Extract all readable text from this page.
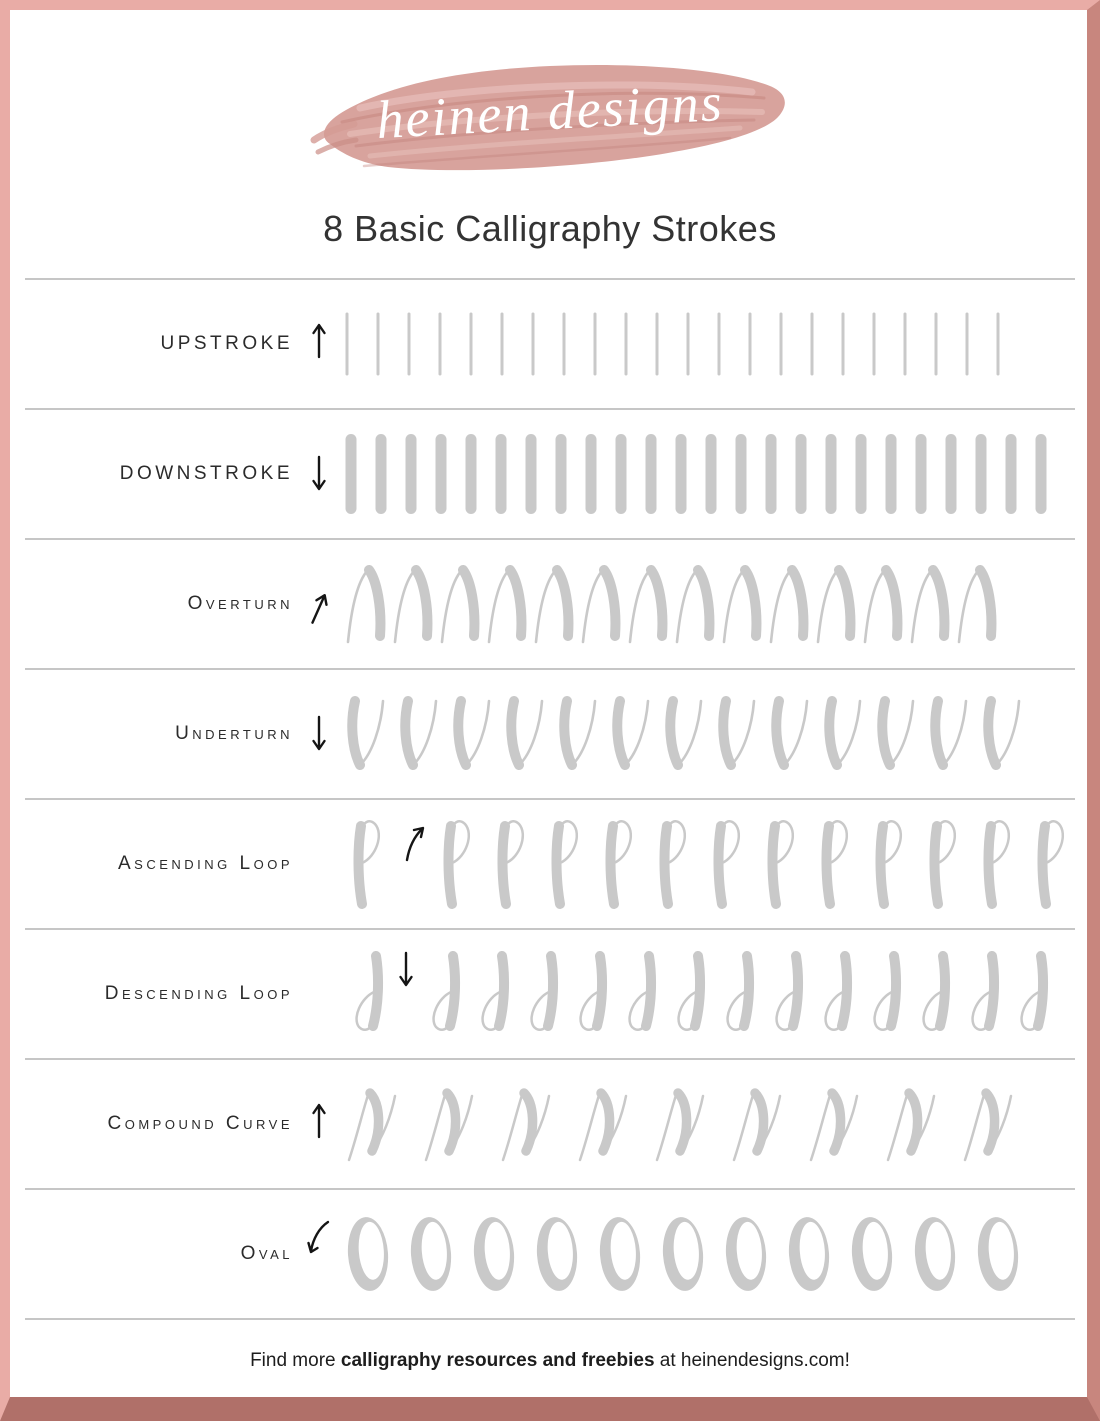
heinen designs
8 Basic Calligraphy Strokes
UPSTROKE
DOWNSTROKE
Overturn
Underturn
Ascending Loop
Descending Loop
Compound Curve
Oval
Find more calligraphy resources and freebies at heinendesigns.com!
